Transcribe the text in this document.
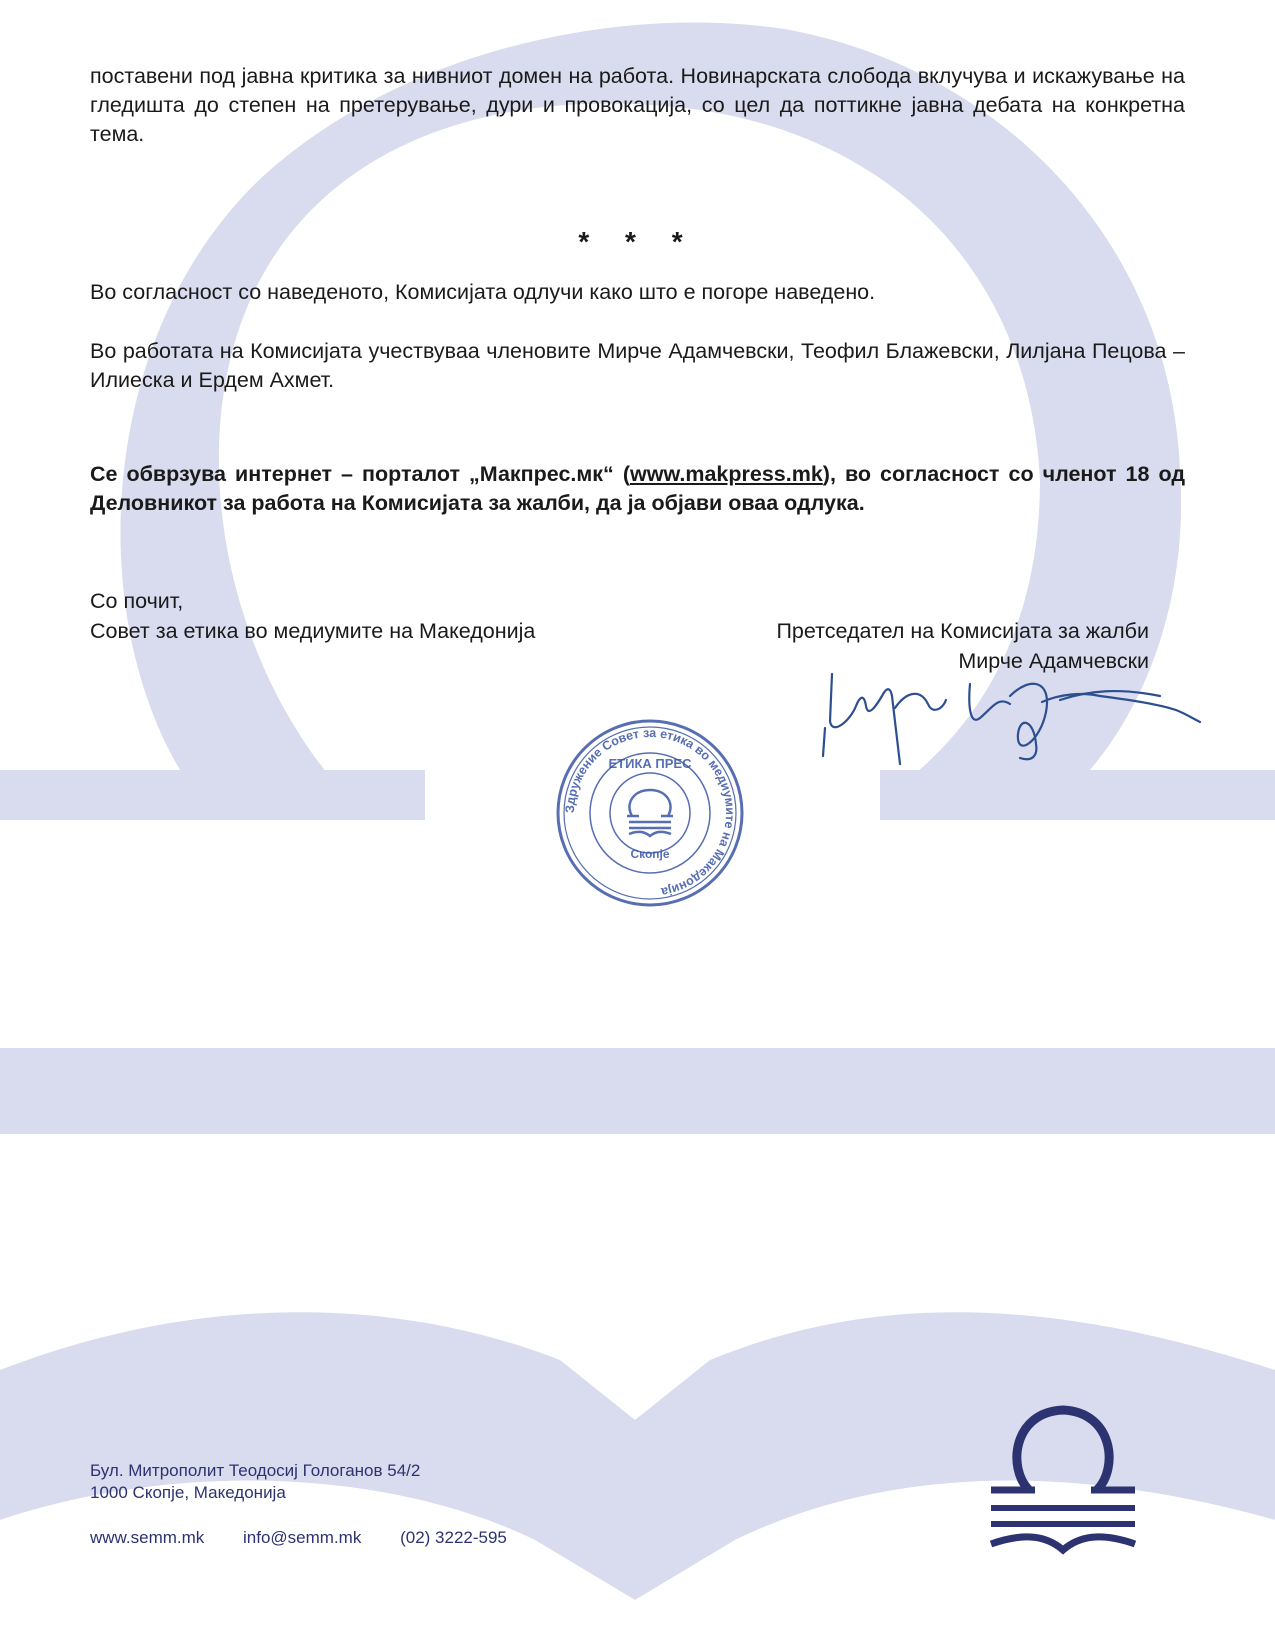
поставени под јавна критика за нивниот домен на работа. Новинарската слобода вклучува и искажување на гледишта до степен на претерување, дури и провокација, со цел да поттикне јавна дебата на конкретна тема.

* * *

Во согласност со наведеното, Комисијата одлучи како што е погоре наведено.

Во работата на Комисијата учествуваа членовите Мирче Адамчевски, Теофил Блажевски, Лилјана Пецова – Илиеска и Ердем Ахмет.

Се обврзува интернет – порталот „Макпрес.мк“ (www.makpress.mk), во согласност со членот 18 од Деловникот за работа на Комисијата за жалби, да ја објави оваа одлука.

Со почит,
Совет за етика во медиумите на Македонија	Претседател на Комисијата за жалби
Мирче Адамчевски
Здружение Совет за етика во медиумите на Македонија
ЕТИКА ПРЕС
Скопје
Бул. Митрополит Теодосиј Гологанов 54/2
1000 Скопје, Македонија
www.semm.mk info@semm.mk (02) 3222-595
